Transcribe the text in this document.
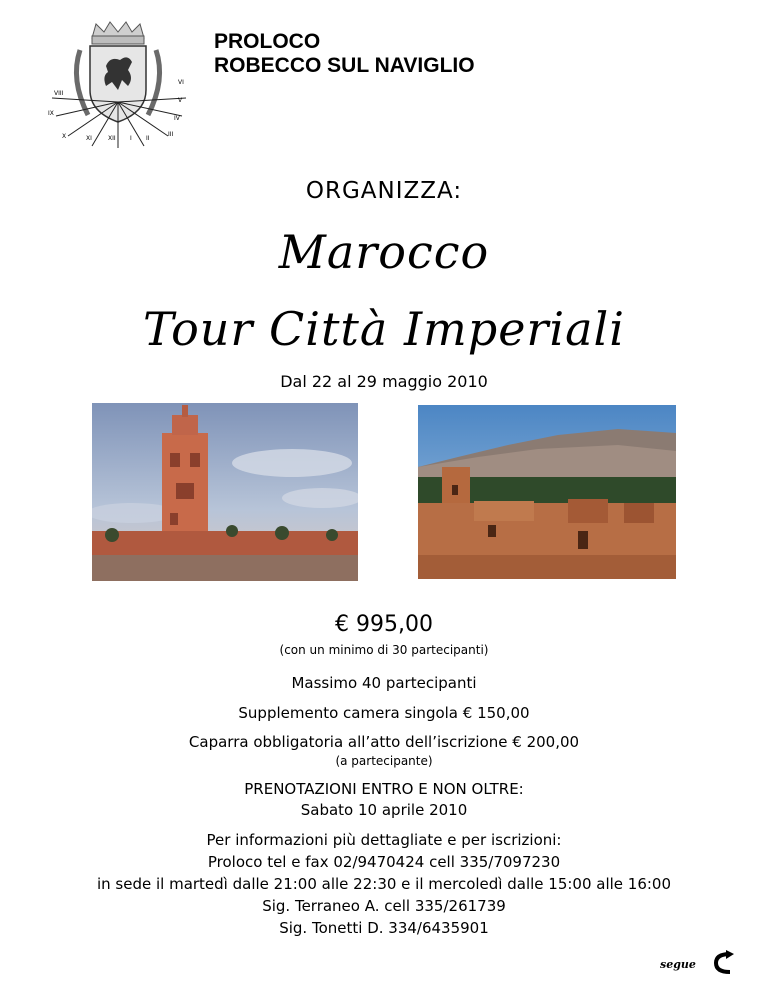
VIII
IX
X	XI	XII I II
III
IV
V
VI
PROLOCO
ROBECCO SUL NAVIGLIO
ORGANIZZA:
Marocco
Tour Città Imperiali
Dal 22 al 29 maggio 2010
€ 995,00
(con un minimo di 30 partecipanti)
Massimo 40 partecipanti
Supplemento camera singola € 150,00
Caparra obbligatoria all’atto dell’iscrizione € 200,00
(a partecipante)
PRENOTAZIONI ENTRO E NON OLTRE:
Sabato 10 aprile 2010
Per informazioni più dettagliate e per iscrizioni:
Proloco tel e fax 02/9470424 cell 335/7097230
in sede il martedì dalle 21:00 alle 22:30 e il mercoledì dalle 15:00 alle 16:00
Sig. Terraneo A. cell 335/261739
Sig. Tonetti D. 334/6435901
segue
